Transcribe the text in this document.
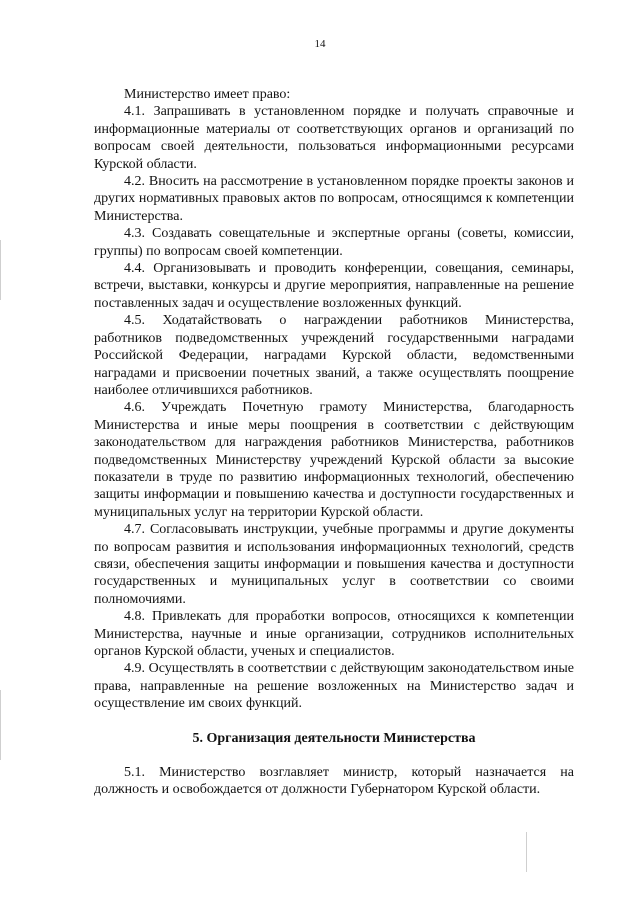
14

Министерство имеет право:

4.1. Запрашивать в установленном порядке и получать справочные и информационные материалы от соответствующих органов и организаций по вопросам своей деятельности, пользоваться информационными ресурсами Курской области.

4.2. Вносить на рассмотрение в установленном порядке проекты законов и других нормативных правовых актов по вопросам, относящимся к компетенции Министерства.

4.3. Создавать совещательные и экспертные органы (советы, комиссии, группы) по вопросам своей компетенции.

4.4. Организовывать и проводить конференции, совещания, семинары, встречи, выставки, конкурсы и другие мероприятия, направленные на решение поставленных задач и осуществление возложенных функций.

4.5. Ходатайствовать о награждении работников Министерства, работников подведомственных учреждений государственными наградами Российской Федерации, наградами Курской области, ведомственными наградами и присвоении почетных званий, а также осуществлять поощрение наиболее отличившихся работников.

4.6. Учреждать Почетную грамоту Министерства, благодарность Министерства и иные меры поощрения в соответствии с действующим законодательством для награждения работников Министерства, работников подведомственных Министерству учреждений Курской области за высокие показатели в труде по развитию информационных технологий, обеспечению защиты информации и повышению качества и доступности государственных и муниципальных услуг на территории Курской области.

4.7. Согласовывать инструкции, учебные программы и другие документы по вопросам развития и использования информационных технологий, средств связи, обеспечения защиты информации и повышения качества и доступности государственных и муниципальных услуг в соответствии со своими полномочиями.

4.8. Привлекать для проработки вопросов, относящихся к компетенции Министерства, научные и иные организации, сотрудников исполнительных органов Курской области, ученых и специалистов.

4.9. Осуществлять в соответствии с действующим законодательством иные права, направленные на решение возложенных на Министерство задач и осуществление им своих функций.

5. Организация деятельности Министерства

5.1. Министерство возглавляет министр, который назначается на должность и освобождается от должности Губернатором Курской области.
